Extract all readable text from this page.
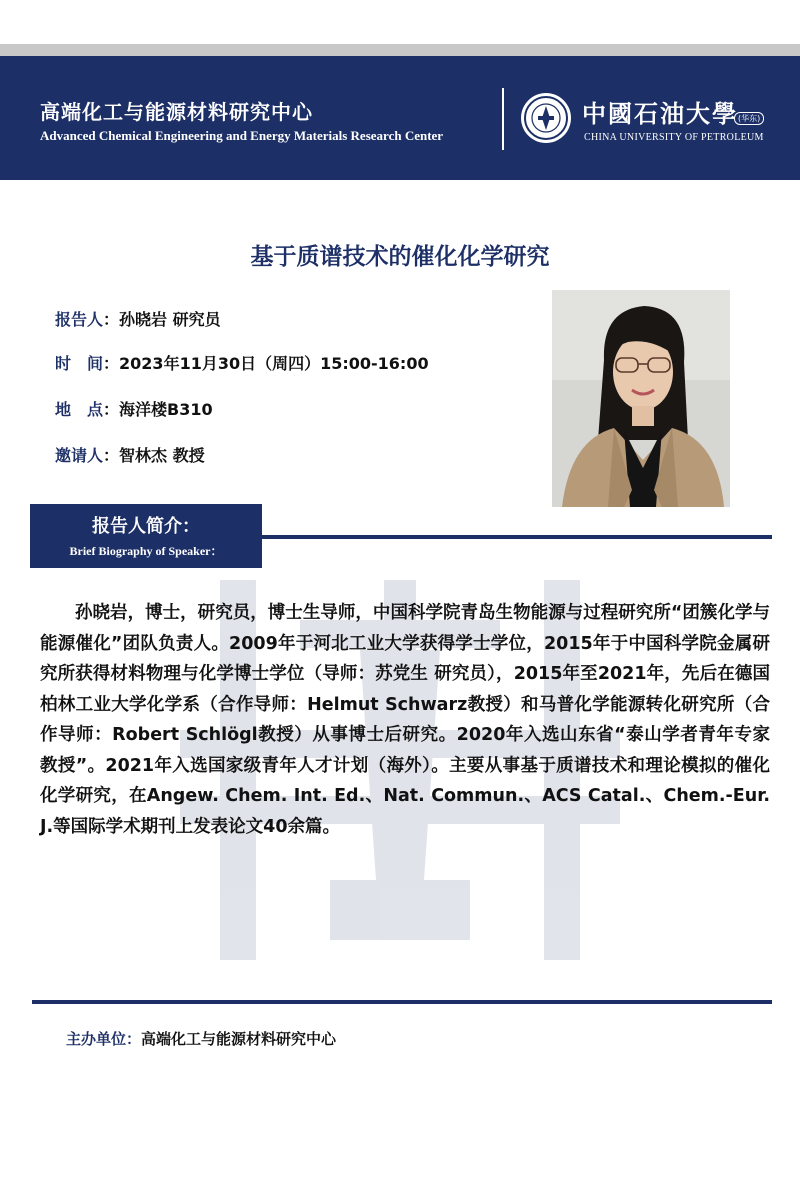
高端化工与能源材料研究中心
Advanced Chemical Engineering and Energy Materials Research Center
中國石油大學 (华东)
CHINA UNIVERSITY OF PETROLEUM
基于质谱技术的催化化学研究
报告人：孙晓岩 研究员
时　间：2023年11月30日（周四）15:00-16:00
地　点：海洋楼B310
邀请人：智林杰 教授
报告人简介：
Brief Biography of Speaker：
孙晓岩，博士，研究员，博士生导师，中国科学院青岛生物能源与过程研究所“团簇化学与能源催化”团队负责人。2009年于河北工业大学获得学士学位，2015年于中国科学院金属研究所获得材料物理与化学博士学位（导师：苏党生 研究员），2015年至2021年，先后在德国柏林工业大学化学系（合作导师：Helmut Schwarz教授）和马普化学能源转化研究所（合作导师：Robert Schlögl教授）从事博士后研究。2020年入选山东省“泰山学者青年专家教授”。2021年入选国家级青年人才计划（海外）。主要从事基于质谱技术和理论模拟的催化化学研究，在Angew. Chem. Int. Ed.、Nat. Commun.、ACS Catal.、Chem.-Eur. J.等国际学术期刊上发表论文40余篇。
主办单位：高端化工与能源材料研究中心
